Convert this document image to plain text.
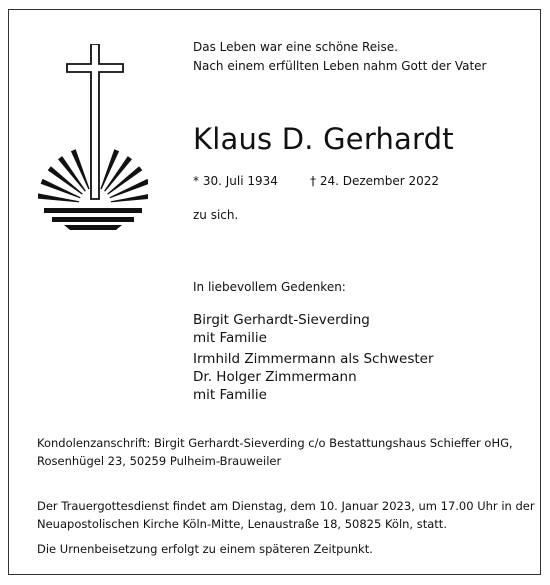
Das Leben war eine schöne Reise.
Nach einem erfüllten Leben nahm Gott der Vater
Klaus D. Gerhardt
* 30. Juli 1934	† 24. Dezember 2022
zu sich.
In liebevollem Gedenken:
Birgit Gerhardt-Sieverding
mit Familie
Irmhild Zimmermann als Schwester
Dr. Holger Zimmermann
mit Familie
Kondolenzanschrift: Birgit Gerhardt-Sieverding c/o Bestattungshaus Schieffer oHG,
Rosenhügel 23, 50259 Pulheim-Brauweiler
Der Trauergottesdienst findet am Dienstag, dem 10. Januar 2023, um 17.00 Uhr in der
Neuapostolischen Kirche Köln-Mitte, Lenaustraße 18, 50825 Köln, statt.
Die Urnenbeisetzung erfolgt zu einem späteren Zeitpunkt.
